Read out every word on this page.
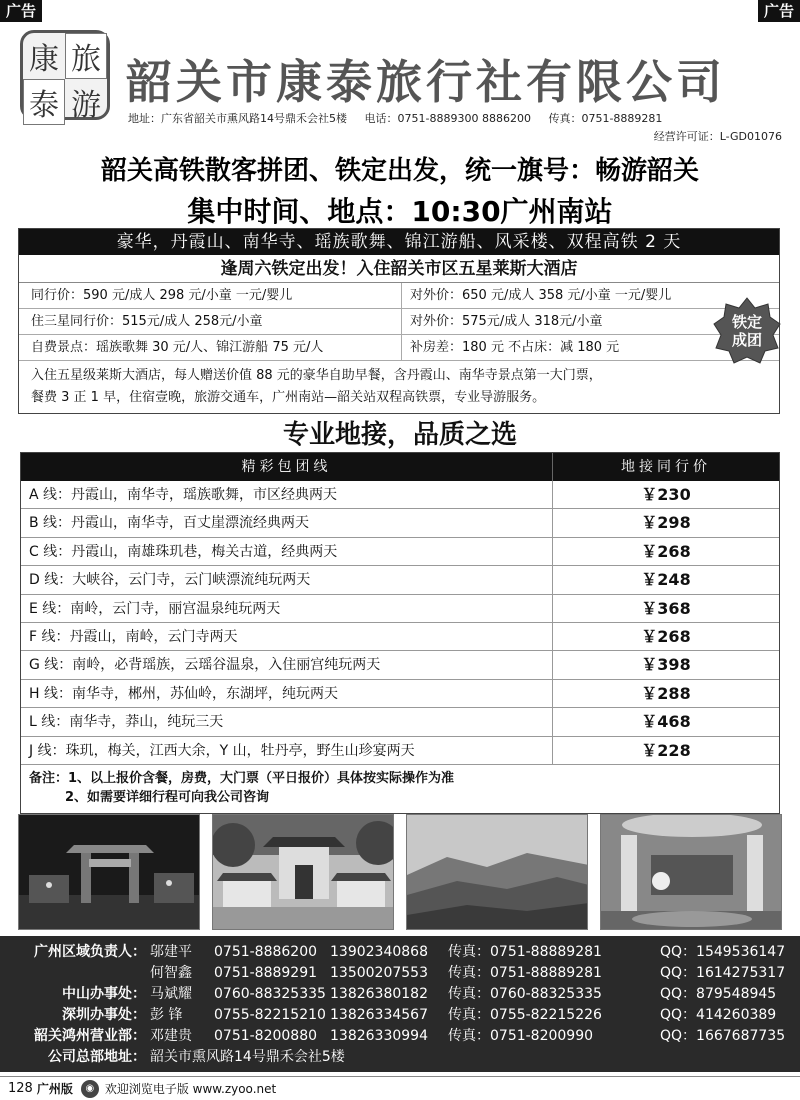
广告	广告
康 旅
泰 游 韶关市康泰旅行社有限公司
地址：广东省韶关市熏风路14号鼎禾会社5楼 电话：0751-8889300 8886200 传真：0751-8889281
经营许可证：L-GD01076
韶关高铁散客拼团、铁定出发，统一旗号：畅游韶关
集中时间、地点：10:30广州南站
豪华，丹霞山、南华寺、瑶族歌舞、锦江游船、风采楼、双程高铁 2 天
逢周六铁定出发！入住韶关市区五星莱斯大酒店
同行价：590 元/成人 298 元/小童 一元/婴儿	对外价：650 元/成人 358 元/小童 一元/婴儿
住三星同行价：515元/成人 258元/小童	对外价：575元/成人 318元/小童
自费景点：瑶族歌舞 30 元/人、锦江游船 75 元/人	补房差：180 元 不占床：减 180 元
入住五星级莱斯大酒店，每人赠送价值 88 元的豪华自助早餐，含丹霞山、南华寺景点第一大门票，
餐费 3 正 1 早，住宿壹晚，旅游交通车，广州南站—韶关站双程高铁票，专业导游服务。
铁定
成团
专业地接，品质之选
精彩包团线	地接同行价
A 线：丹霞山，南华寺，瑶族歌舞，市区经典两天	￥230
B 线：丹霞山，南华寺，百丈崖漂流经典两天	￥298
C 线：丹霞山，南雄珠玑巷，梅关古道，经典两天	￥268
D 线：大峡谷，云门寺，云门峡漂流纯玩两天	￥248
E 线：南岭，云门寺，丽宫温泉纯玩两天	￥368
F 线：丹霞山，南岭，云门寺两天	￥268
G 线：南岭，必背瑶族，云瑶谷温泉，入住丽宫纯玩两天	￥398
H 线：南华寺，郴州，苏仙岭，东湖坪，纯玩两天	￥288
L 线：南华寺，莽山，纯玩三天	￥468
J 线：珠玑，梅关，江西大余，Y 山，牡丹亭，野生山珍宴两天	￥228
备注：1、以上报价含餐，房费，大门票（平日报价）具体按实际操作为准
2、如需要详细行程可向我公司咨询
广州区域负责人： 邬建平	0751-8886200 13902340868	传真：0751-88889281	QQ：1549536147
何智鑫	0751-8889291 13500207553	传真：0751-88889281	QQ：1614275317
中山办事处： 马斌耀	0760-88325335 13826380182	传真：0760-88325335	QQ：879548945
深圳办事处： 彭 锋	0755-82215210 13826334567	传真：0755-82215226	QQ：414260389
韶关鸿州营业部： 邓建贵	0751-8200880 13826330994	传真：0751-8200990	QQ：1667687735
公司总部地址： 韶关市熏风路14号鼎禾会社5楼
128 广州版	◉ 欢迎浏览电子版 www.zyoo.net
